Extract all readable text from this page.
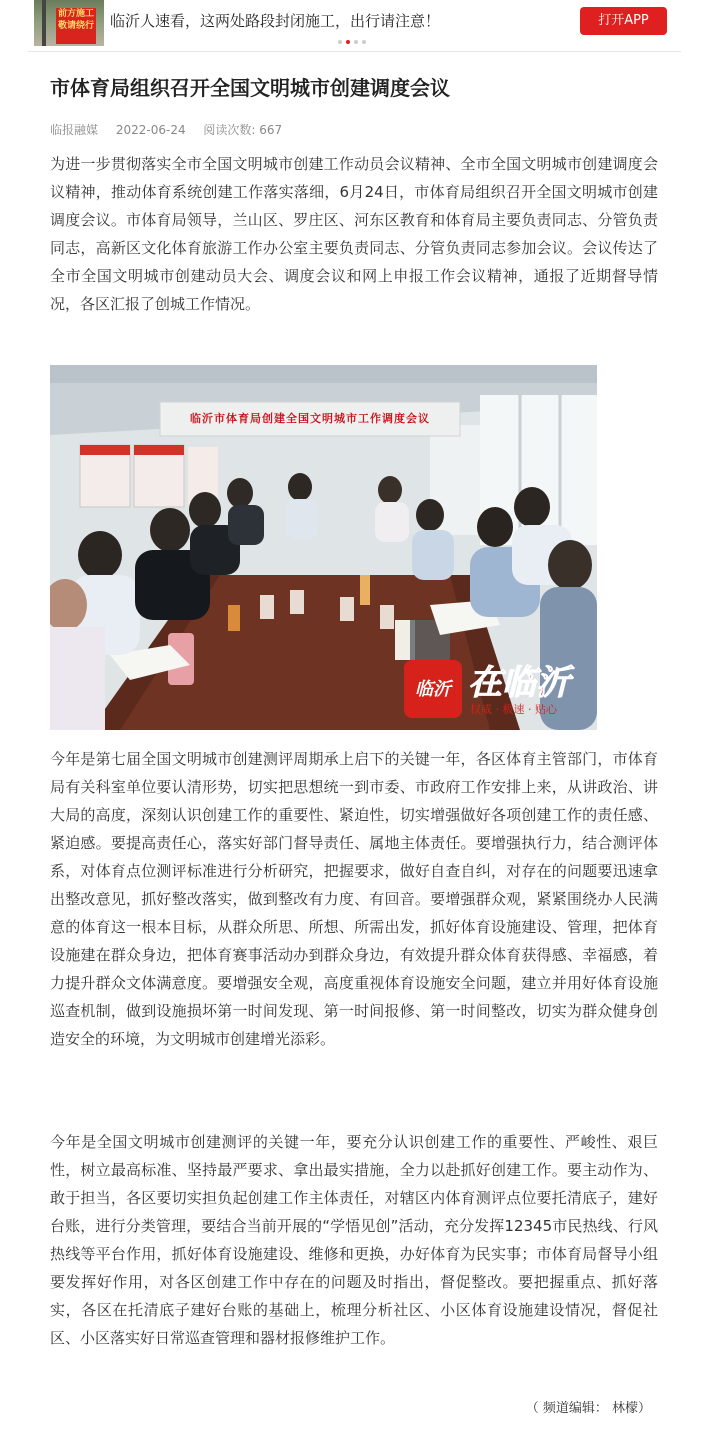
前方施工
敬请绕行 临沂人速看，这两处路段封闭施工，出行请注意！	打开APP
市体育局组织召开全国文明城市创建调度会议
临报融媒 2022-06-24 阅读次数: 667

为进一步贯彻落实全市全国文明城市创建工作动员会议精神、全市全国文明城市创建调度会议精神，推动体育系统创建工作落实落细，6月24日，市体育局组织召开全国文明城市创建调度会议。市体育局领导，兰山区、罗庄区、河东区教育和体育局主要负责同志、分管负责同志，高新区文化体育旅游工作办公室主要负责同志、分管负责同志参加会议。会议传达了全市全国文明城市创建动员大会、调度会议和网上申报工作会议精神，通报了近期督导情况，各区汇报了创城工作情况。

临沂市体育局创建全国文明城市工作调度会议
临沂 在临沂
权威 · 极速 · 贴心

今年是第七届全国文明城市创建测评周期承上启下的关键一年，各区体育主管部门，市体育局有关科室单位要认清形势，切实把思想统一到市委、市政府工作安排上来，从讲政治、讲大局的高度，深刻认识创建工作的重要性、紧迫性，切实增强做好各项创建工作的责任感、紧迫感。要提高责任心，落实好部门督导责任、属地主体责任。要增强执行力，结合测评体系，对体育点位测评标准进行分析研究，把握要求，做好自查自纠，对存在的问题要迅速拿出整改意见，抓好整改落实，做到整改有力度、有回音。要增强群众观，紧紧围绕办人民满意的体育这一根本目标，从群众所思、所想、所需出发，抓好体育设施建设、管理，把体育设施建在群众身边，把体育赛事活动办到群众身边，有效提升群众体育获得感、幸福感，着力提升群众文体满意度。要增强安全观，高度重视体育设施安全问题，建立并用好体育设施巡查机制，做到设施损坏第一时间发现、第一时间报修、第一时间整改，切实为群众健身创造安全的环境，为文明城市创建增光添彩。

今年是全国文明城市创建测评的关键一年，要充分认识创建工作的重要性、严峻性、艰巨性，树立最高标准、坚持最严要求、拿出最实措施，全力以赴抓好创建工作。要主动作为、敢于担当，各区要切实担负起创建工作主体责任，对辖区内体育测评点位要托清底子，建好台账，进行分类管理，要结合当前开展的“学悟见创”活动，充分发挥12345市民热线、行风热线等平台作用，抓好体育设施建设、维修和更换，办好体育为民实事；市体育局督导小组要发挥好作用，对各区创建工作中存在的问题及时指出，督促整改。要把握重点、抓好落实，各区在托清底子建好台账的基础上，梳理分析社区、小区体育设施建设情况，督促社区、小区落实好日常巡查管理和器材报修维护工作。

（ 频道编辑： 林檬）
